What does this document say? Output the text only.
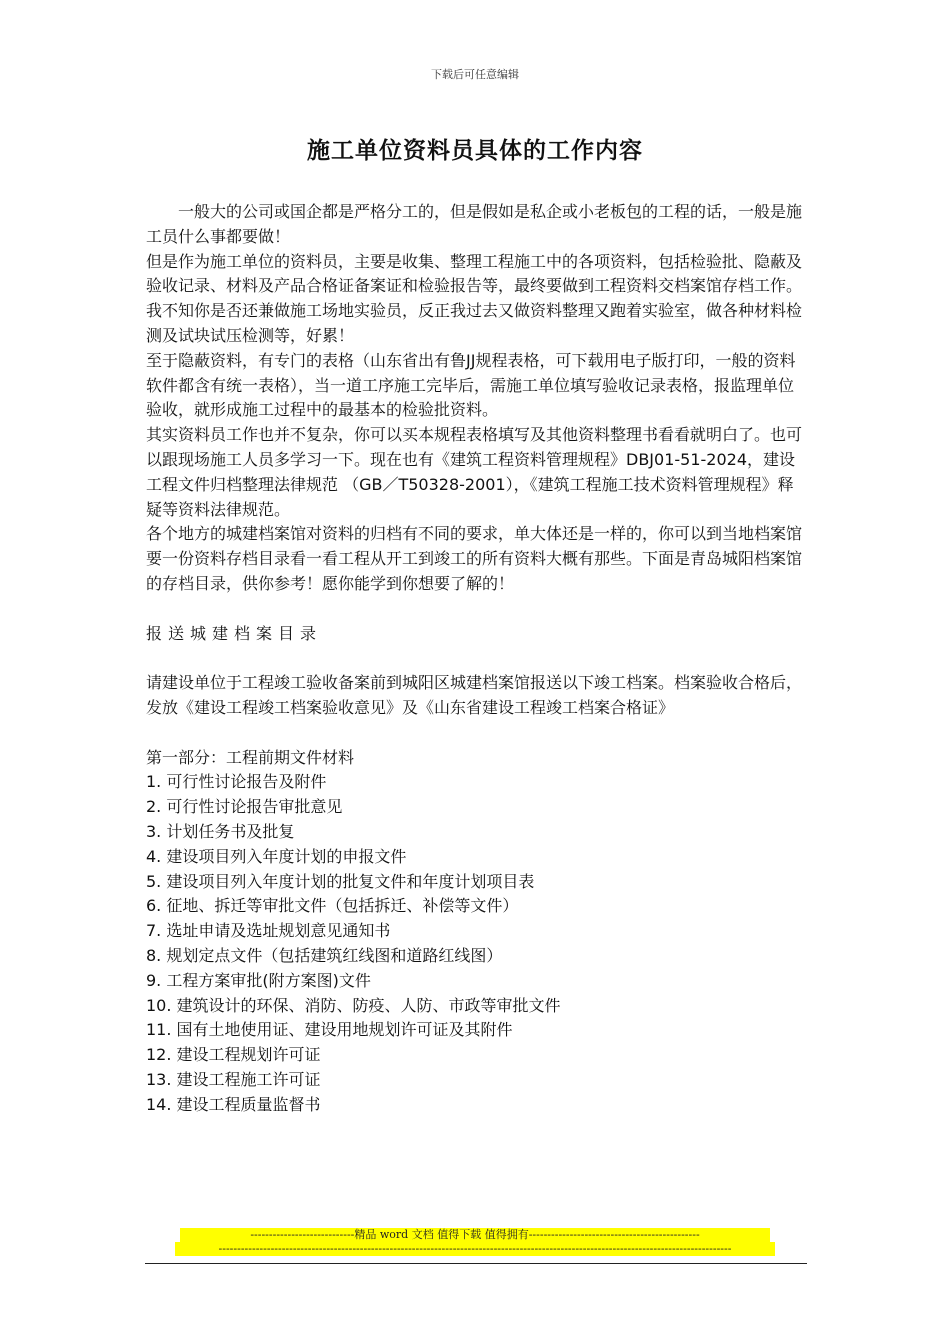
下载后可任意编辑
施工单位资料员具体的工作内容

一般大的公司或国企都是严格分工的，但是假如是私企或小老板包的工程的话，一般是施工员什么事都要做！

但是作为施工单位的资料员，主要是收集、整理工程施工中的各项资料，包括检验批、隐蔽及验收记录、材料及产品合格证备案证和检验报告等，最终要做到工程资料交档案馆存档工作。

我不知你是否还兼做施工场地实验员，反正我过去又做资料整理又跑着实验室，做各种材料检测及试块试压检测等，好累！

至于隐蔽资料，有专门的表格（山东省出有鲁JJ规程表格，可下载用电子版打印，一般的资料软件都含有统一表格），当一道工序施工完毕后，需施工单位填写验收记录表格，报监理单位验收，就形成施工过程中的最基本的检验批资料。

其实资料员工作也并不复杂，你可以买本规程表格填写及其他资料整理书看看就明白了。也可以跟现场施工人员多学习一下。现在也有《建筑工程资料管理规程》DBJ01-51-2024，建设工程文件归档整理法律规范 （GB／T50328-2001），《建筑工程施工技术资料管理规程》释疑等资料法律规范。

各个地方的城建档案馆对资料的归档有不同的要求，单大体还是一样的，你可以到当地档案馆要一份资料存档目录看一看工程从开工到竣工的所有资料大概有那些。下面是青岛城阳档案馆的存档目录，供你参考！愿你能学到你想要了解的！

报送城建档案目录

请建设单位于工程竣工验收备案前到城阳区城建档案馆报送以下竣工档案。档案验收合格后，发放《建设工程竣工档案验收意见》及《山东省建设工程竣工档案合格证》

第一部分：工程前期文件材料

1. 可行性讨论报告及附件
2. 可行性讨论报告审批意见
3. 计划任务书及批复
4. 建设项目列入年度计划的申报文件
5. 建设项目列入年度计划的批复文件和年度计划项目表
6. 征地、拆迁等审批文件（包括拆迁、补偿等文件）
7. 选址申请及选址规划意见通知书
8. 规划定点文件（包括建筑红线图和道路红线图）
9. 工程方案审批(附方案图)文件
10. 建筑设计的环保、消防、防疫、人防、市政等审批文件
11. 国有土地使用证、建设用地规划许可证及其附件
12. 建设工程规划许可证
13. 建设工程施工许可证
14. 建设工程质量监督书
----------------------------精品 word 文档 值得下载 值得拥有----------------------------------------------
------------------------------------------------------------------------------------------------------------------------------------------
